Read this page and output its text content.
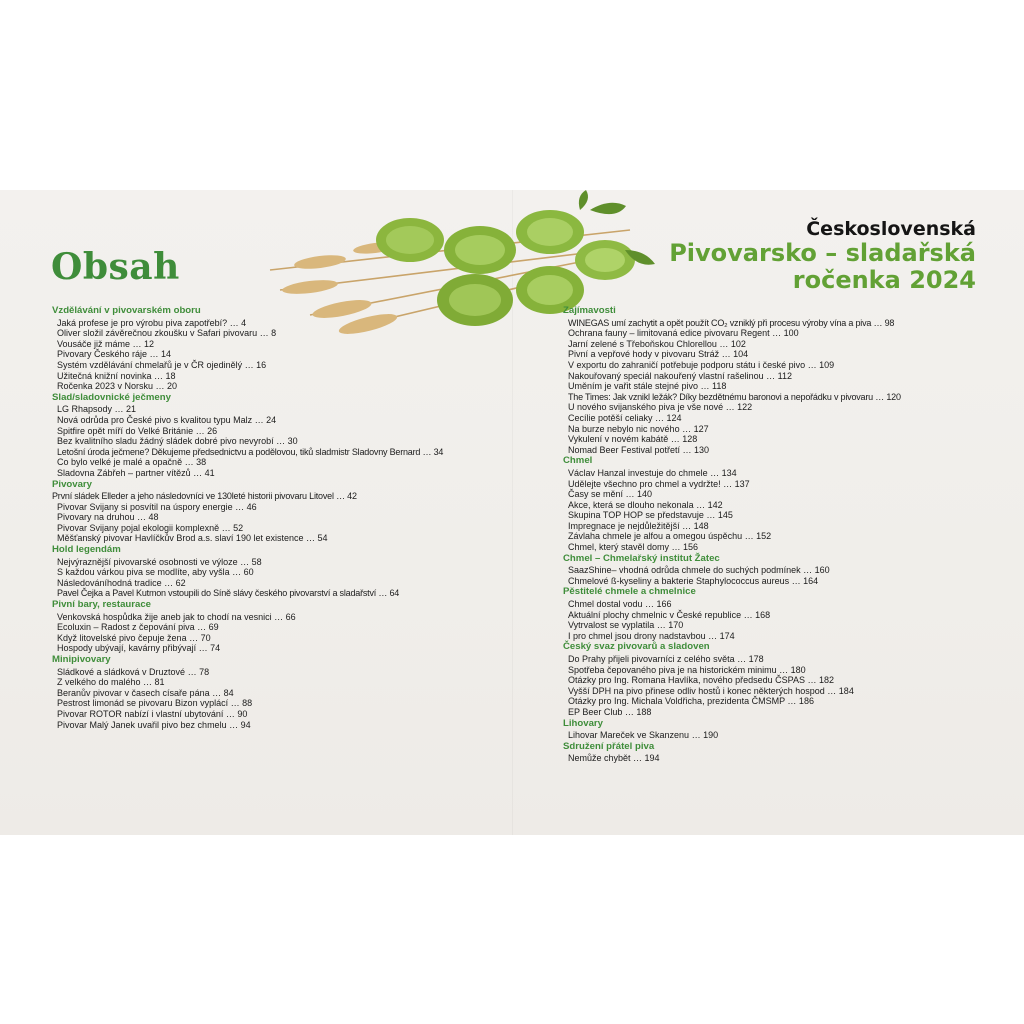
Obsah
Československá
Pivovarsko – sladařská
ročenka 2024
Vzdělávání v pivovarském oboru
Jaká profese je pro výrobu piva zapotřebí? … 4
Oliver složil závěrečnou zkoušku v Safari pivovaru … 8
Vousáče již máme … 12
Pivovary Českého ráje … 14
Systém vzdělávání chmelařů je v ČR ojedinělý … 16
Užitečná knižní novinka … 18
Ročenka 2023 v Norsku … 20
Slad/sladovnické ječmeny
LG Rhapsody … 21
Nová odrůda pro České pivo s kvalitou typu Malz … 24
Spitfire opět míří do Velké Británie … 26
Bez kvalitního sladu žádný sládek dobré pivo nevyrobí … 30
Letošní úroda ječmene? Děkujeme předsednictvu a podělovou, tiků sladmistr Sladovny Bernard … 34
Co bylo velké je malé a opačně … 38
Sladovna Zábřeh – partner vítězů … 41
Pivovary
První sládek Elleder a jeho následovníci ve 130leté historii pivovaru Litovel … 42
Pivovar Svijany si posvítil na úspory energie … 46
Pivovary na druhou … 48
Pivovar Svijany pojal ekologii komplexně … 52
Měšťanský pivovar Havlíčkův Brod a.s. slaví 190 let existence … 54
Hold legendám
Nejvýraznější pivovarské osobnosti ve výloze … 58
S každou várkou piva se modlíte, aby vyšla … 60
Následováníhodná tradice … 62
Pavel Čejka a Pavel Kutmon vstoupili do Síně slávy českého pivovarství a sladařství … 64
Pivní bary, restaurace
Venkovská hospůdka žije aneb jak to chodí na vesnici … 66
Ecoluxin – Radost z čepování piva … 69
Když litovelské pivo čepuje žena … 70
Hospody ubývají, kavárny přibývají … 74
Minipivovary
Sládkové a sládková v Druztové … 78
Z velkého do malého … 81
Beranův pivovar v časech císaře pána … 84
Pestrost limonád se pivovaru Bizon vyplácí … 88
Pivovar ROTOR nabízí i vlastní ubytování … 90
Pivovar Malý Janek uvařil pivo bez chmelu … 94
Zajímavosti
WINEGAS umí zachytit a opět použít CO₂ vzniklý při procesu výroby vína a piva … 98
Ochrana fauny – limitovaná edice pivovaru Regent … 100
Jarní zelené s Třeboňskou Chlorellou … 102
Pivní a vepřové hody v pivovaru Stráž … 104
V exportu do zahraničí potřebuje podporu státu i české pivo … 109
Nakouřovaný speciál nakouřený vlastní rašelinou … 112
Uměním je vařit stále stejné pivo … 118
The Times: Jak vznikl ležák? Díky bezdětnému baronovi a nepořádku v pivovaru … 120
U nového svijanského piva je vše nové … 122
Cecílie potěší celiaky … 124
Na burze nebylo nic nového … 127
Vykulení v novém kabátě … 128
Nomad Beer Festival potřetí … 130
Chmel
Václav Hanzal investuje do chmele … 134
Udělejte všechno pro chmel a vydržte! … 137
Časy se mění … 140
Akce, která se dlouho nekonala … 142
Skupina TOP HOP se představuje … 145
Impregnace je nejdůležitější … 148
Závlaha chmele je alfou a omegou úspěchu … 152
Chmel, který stavěl domy … 156
Chmel – Chmelařský institut Žatec
SaazShine– vhodná odrůda chmele do suchých podmínek … 160
Chmelové ß-kyseliny a bakterie Staphylococcus aureus … 164
Pěstitelé chmele a chmelnice
Chmel dostal vodu … 166
Aktuální plochy chmelnic v České republice … 168
Vytrvalost se vyplatila … 170
I pro chmel jsou drony nadstavbou … 174
Český svaz pivovarů a sladoven
Do Prahy přijeli pivovarníci z celého světa … 178
Spotřeba čepovaného piva je na historickém minimu … 180
Otázky pro Ing. Romana Havlíka, nového předsedu ČSPAS … 182
Vyšší DPH na pivo přinese odliv hostů i konec některých hospod … 184
Otázky pro Ing. Michala Voldřicha, prezidenta ČMSMP … 186
EP Beer Club … 188
Lihovary
Lihovar Mareček ve Skanzenu … 190
Sdružení přátel piva
Nemůže chybět … 194
